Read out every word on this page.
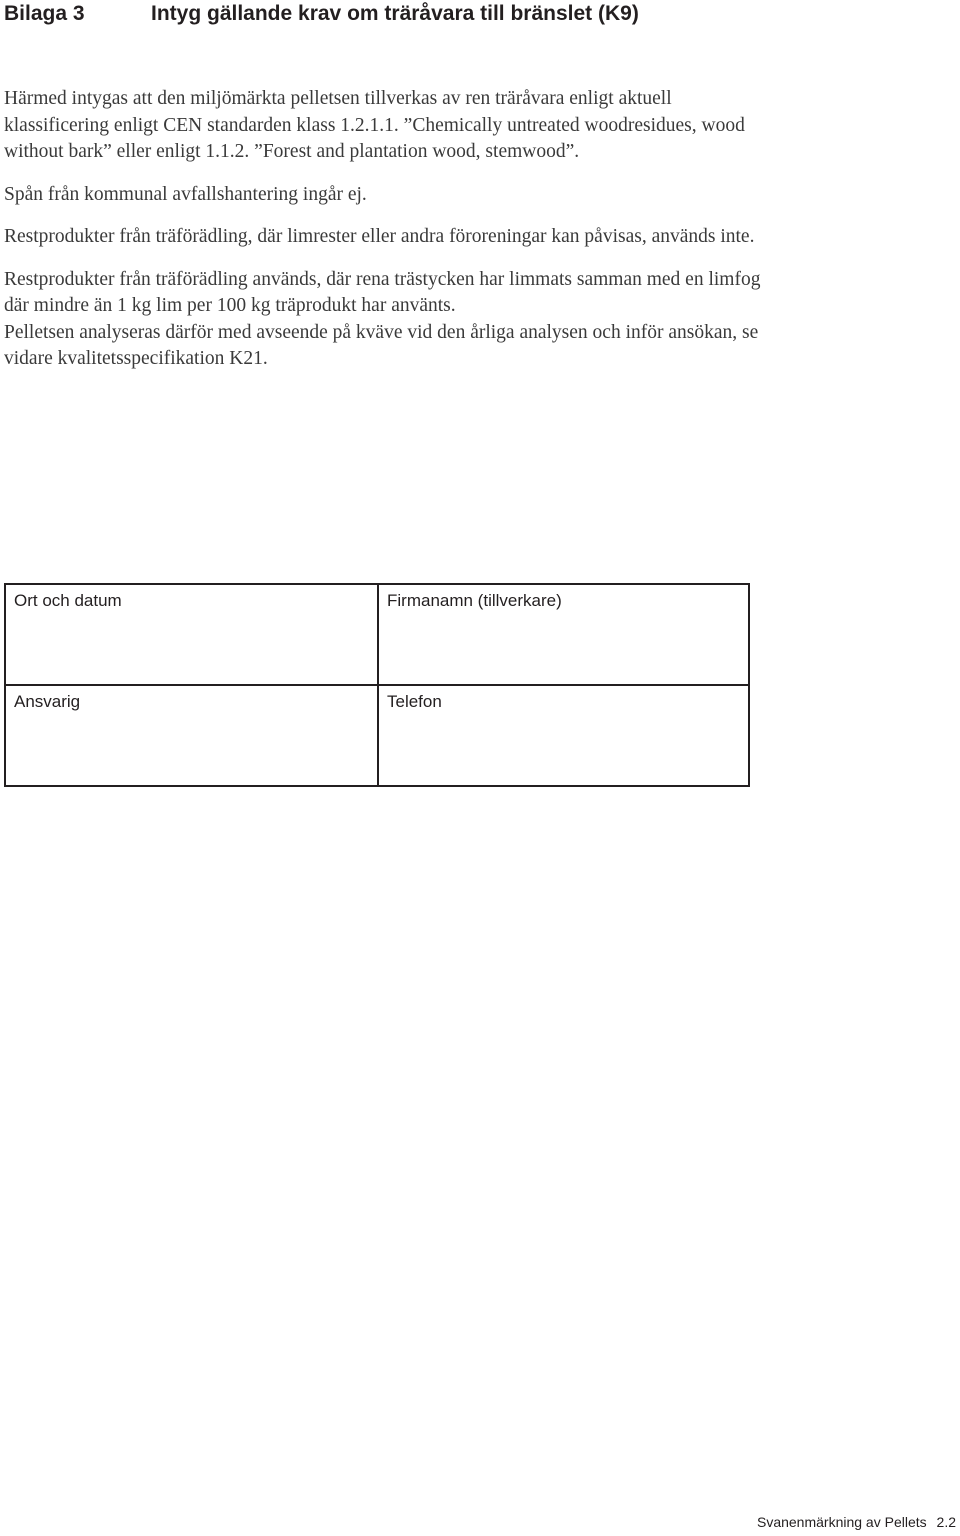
Bilaga 3	Intyg gällande krav om träråvara till bränslet (K9)

Härmed intygas att den miljömärkta pelletsen tillverkas av ren träråvara enligt aktuell klassificering enligt CEN standarden klass 1.2.1.1. ”Chemically untreated woodresidues, wood without bark” eller enligt 1.1.2. ”Forest and plantation wood, stemwood”.

Spån från kommunal avfallshantering ingår ej.

Restprodukter från träförädling, där limrester eller andra föroreningar kan påvisas, används inte.

Restprodukter från träförädling används, där rena trästycken har limmats samman med en limfog där mindre än 1 kg lim per 100 kg träprodukt har använts.

Pelletsen analyseras därför med avseende på kväve vid den årliga analysen och inför ansökan, se vidare kvalitetsspecifikation K21.

Ort och datum	Firmanamn (tillverkare)
Ansvarig	Telefon
Svanenmärkning av Pellets 2.2
